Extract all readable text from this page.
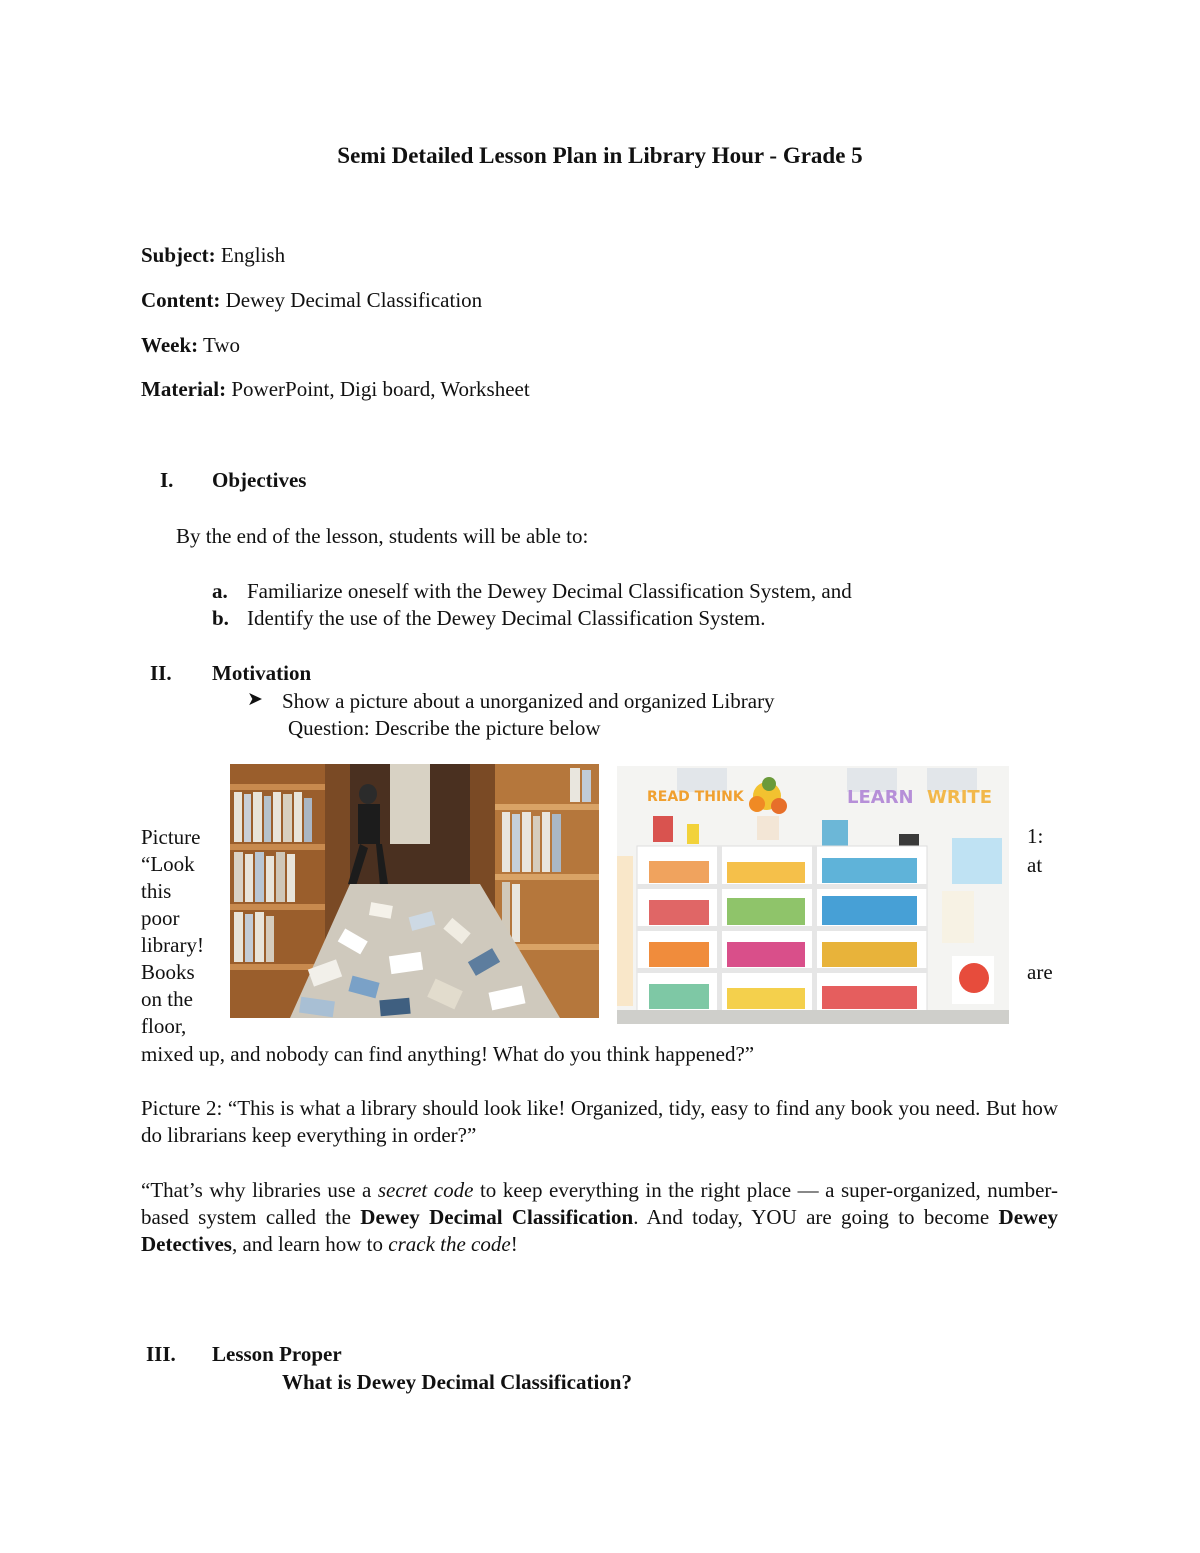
Semi Detailed Lesson Plan in Library Hour - Grade 5
Subject: English
Content: Dewey Decimal Classification
Week: Two
Material: PowerPoint, Digi board, Worksheet
I. Objectives
By the end of the lesson, students will be able to:
a. Familiarize oneself with the Dewey Decimal Classification System, and
b. Identify the use of the Dewey Decimal Classification System.
II. Motivation
➤ Show a picture about a unorganized and organized Library
Question: Describe the picture below
READ THINK	LEARN WRITE
Picture
“Look
this
poor
library!
Books
on the
floor,
1:
at
are
mixed up, and nobody can find anything! What do you think happened?”
Picture 2: “This is what a library should look like! Organized, tidy, easy to find any book you need. But how do librarians keep everything in order?”
“That’s why libraries use a secret code to keep everything in the right place — a super-organized, number-based system called the Dewey Decimal Classification. And today, YOU are going to become Dewey Detectives, and learn how to crack the code!
III. Lesson Proper
What is Dewey Decimal Classification?
